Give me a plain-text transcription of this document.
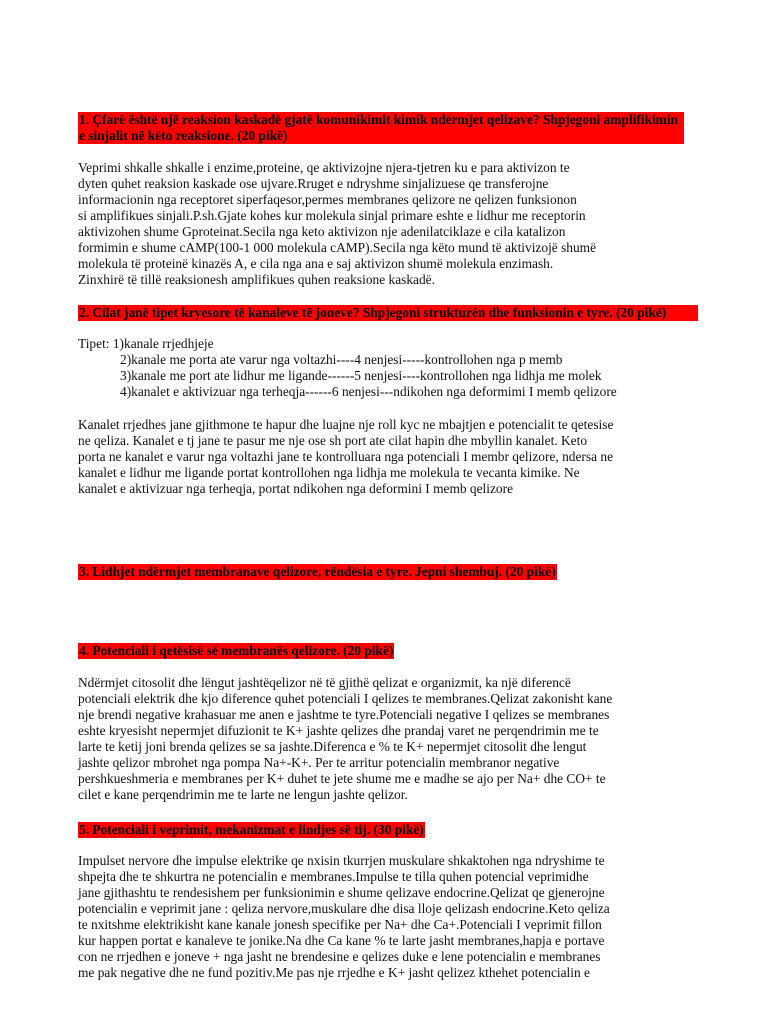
1. Çfarë është një reaksion kaskadë gjatë komunikimit kimik ndërmjet qelizave? Shpjegoni amplifikimin e sinjalit në këto reaksione. (20 pikë)

Veprimi shkalle shkalle i enzime,proteine, qe aktivizojne njera-tjetren ku e para aktivizon te

dyten quhet reaksion kaskade ose ujvare.Rruget e ndryshme sinjalizuese qe transferojne

informacionin nga receptoret siperfaqesor,permes membranes qelizore ne qelizen funksionon

si amplifikues sinjali.P.sh.Gjate kohes kur molekula sinjal primare eshte e lidhur me receptorin

aktivizohen shume Gproteinat.Secila nga keto aktivizon nje adenilatciklaze e cila katalizon

formimin e shume cAMP(100-1 000 molekula cAMP).Secila nga këto mund të aktivizojë shumë

molekula të proteinë kinazës A, e cila nga ana e saj aktivizon shumë molekula enzimash.

Zinxhirë të tillë reaksionesh amplifikues quhen reaksione kaskadë.

2. Cilat janë tipet kryesore të kanaleve të joneve? Shpjegoni strukturën dhe funksionin e tyre. (20 pikë)

Tipet: 1)kanale rrjedhjeje

2)kanale me porta ate varur nga voltazhi----4 nenjesi-----kontrollohen nga p memb

3)kanale me port ate lidhur me ligande------5 nenjesi----kontrollohen nga lidhja me molek

4)kanalet e aktivizuar nga terheqja------6 nenjesi---ndikohen nga deformimi I memb qelizore

Kanalet rrjedhes jane gjithmone te hapur dhe luajne nje roll kyc ne mbajtjen e potencialit te qetesise

ne qeliza. Kanalet e tj jane te pasur me nje ose sh port ate cilat hapin dhe mbyllin kanalet. Keto

porta ne kanalet e varur nga voltazhi jane te kontrolluara nga potenciali I membr qelizore, ndersa ne

kanalet e lidhur me ligande portat kontrollohen nga lidhja me molekula te vecanta kimike. Ne

kanalet e aktivizuar nga terheqja, portat ndikohen nga deformini I memb qelizore

3. Lidhjet ndërmjet membranave qelizore, rëndësia e tyre. Jepni shembuj. (20 pikë)
4. Potenciali i qetësisë së membranës qelizore. (20 pikë)

Ndërmjet citosolit dhe lëngut jashtëqelizor në të gjithë qelizat e organizmit, ka një diferencë

potenciali elektrik dhe kjo diference quhet potenciali I qelizes te membranes.Qelizat zakonisht kane

nje brendi negative krahasuar me anen e jashtme te tyre.Potenciali negative I qelizes se membranes

eshte kryesisht nepermjet difuzionit te K+ jashte qelizes dhe prandaj varet ne perqendrimin me te

larte te ketij joni brenda qelizes se sa jashte.Diferenca e % te K+ nepermjet citosolit dhe lengut

jashte qelizor mbrohet nga pompa Na+-K+. Per te arritur potencialin membranor negative

pershkueshmeria e membranes per K+ duhet te jete shume me e madhe se ajo per Na+ dhe CO+ te

cilet e kane perqendrimin me te larte ne lengun jashte qelizor.

5. Potenciali i veprimit, mekanizmat e lindjes së tij. (30 pikë)

Impulset nervore dhe impulse elektrike qe nxisin tkurrjen muskulare shkaktohen nga ndryshime te

shpejta dhe te shkurtra ne potencialin e membranes.Impulse te tilla quhen potencial veprimidhe

jane gjithashtu te rendesishem per funksionimin e shume qelizave endocrine.Qelizat qe gjenerojne

potencialin e veprimit jane : qeliza nervore,muskulare dhe disa lloje qelizash endocrine.Keto qeliza

te nxitshme elektrikisht kane kanale jonesh specifike per Na+ dhe Ca+.Potenciali I veprimit fillon

kur happen portat e kanaleve te jonike.Na dhe Ca kane % te larte jasht membranes,hapja e portave

con ne rrjedhen e joneve + nga jasht ne brendesine e qelizes duke e lene potencialin e membranes

me pak negative dhe ne fund pozitiv.Me pas nje rrjedhe e K+ jasht qelizez kthehet potencialin e
